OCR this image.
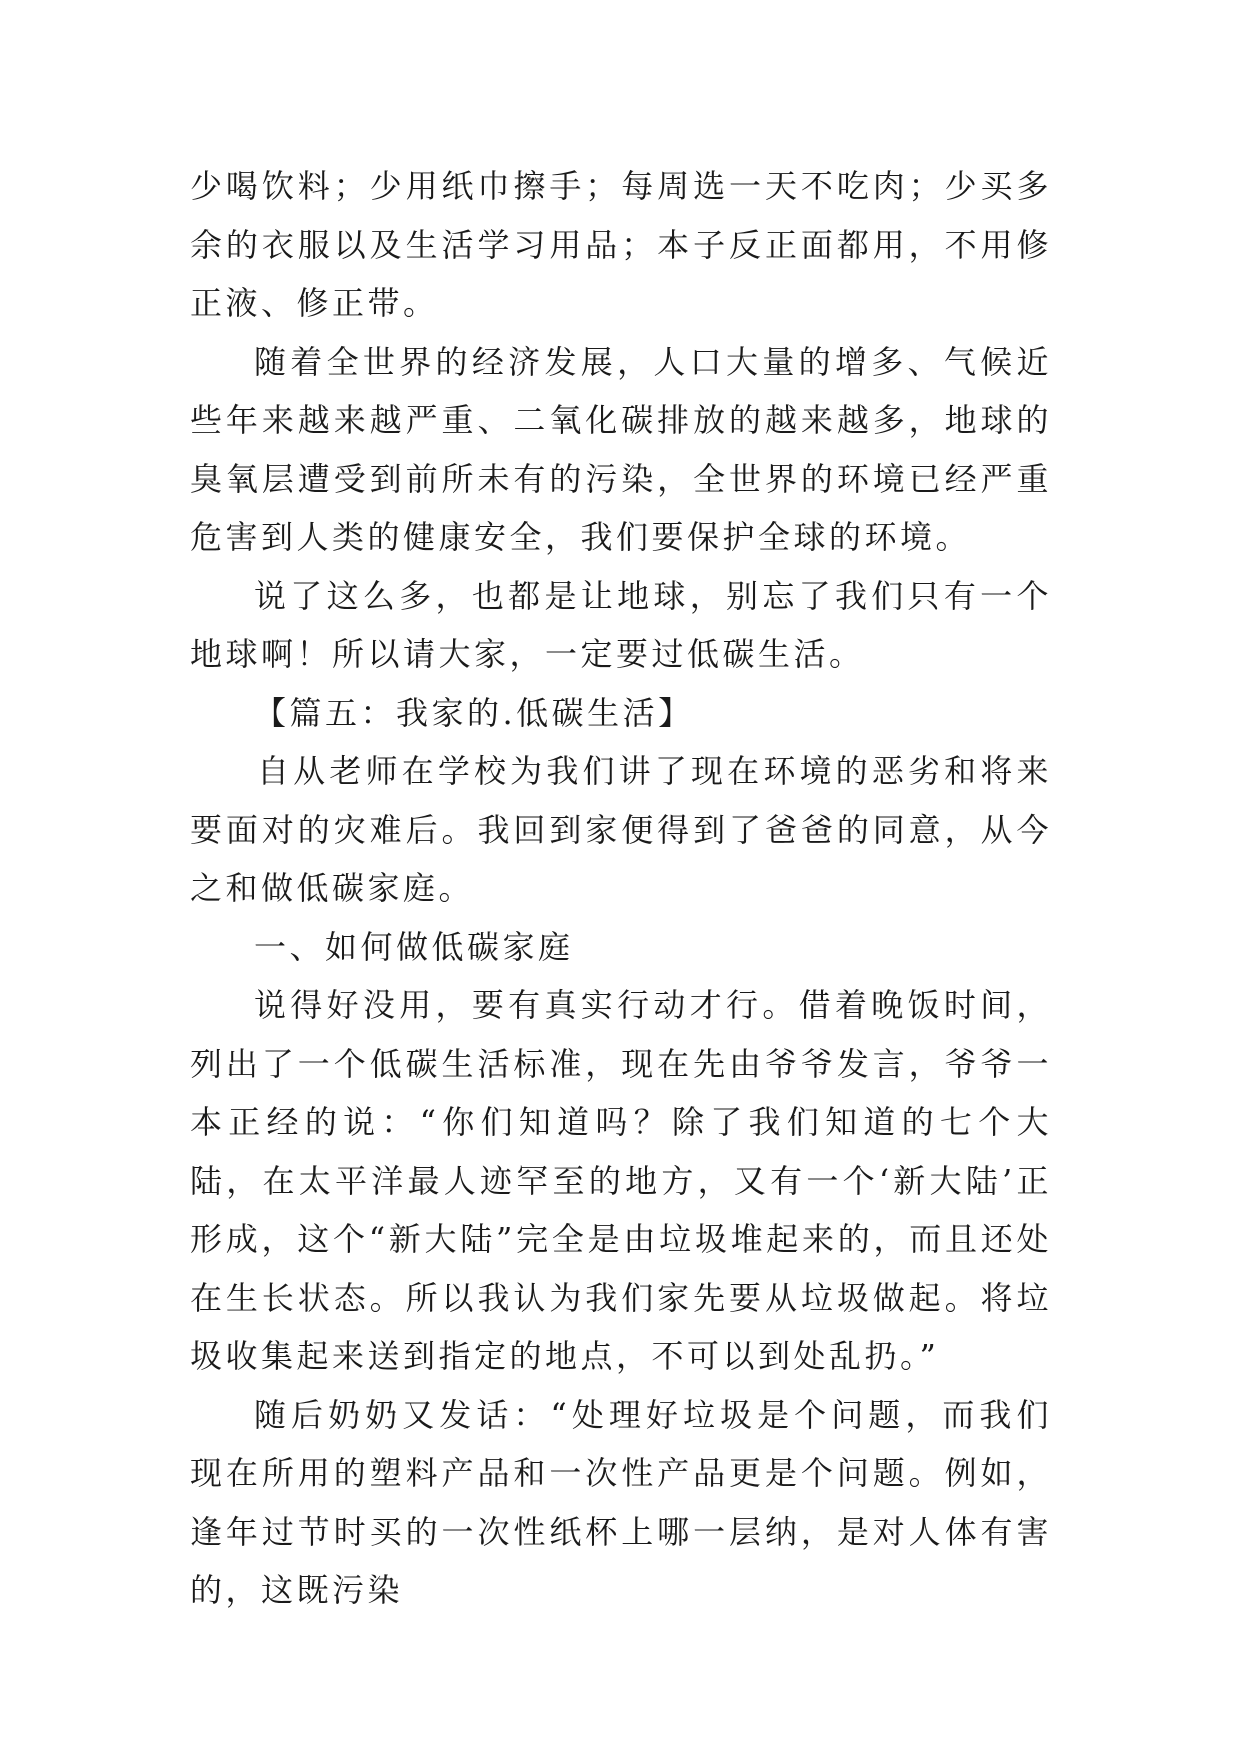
少喝饮料；少用纸巾擦手；每周选一天不吃肉；少买多余的衣服以及生活学习用品；本子反正面都用，不用修正液、修正带。

随着全世界的经济发展，人口大量的增多、气候近些年来越来越严重、二氧化碳排放的越来越多，地球的臭氧层遭受到前所未有的污染，全世界的环境已经严重危害到人类的健康安全，我们要保护全球的环境。

说了这么多，也都是让地球，别忘了我们只有一个地球啊！所以请大家，一定要过低碳生活。

【篇五：我家的.低碳生活】

自从老师在学校为我们讲了现在环境的恶劣和将来要面对的灾难后。我回到家便得到了爸爸的同意，从今之和做低碳家庭。

一、如何做低碳家庭

说得好没用，要有真实行动才行。借着晚饭时间，列出了一个低碳生活标准，现在先由爷爷发言，爷爷一本正经的说：“你们知道吗？除了我们知道的七个大陆，在太平洋最人迹罕至的地方，又有一个‘新大陆’正形成，这个“新大陆”完全是由垃圾堆起来的，而且还处在生长状态。所以我认为我们家先要从垃圾做起。将垃圾收集起来送到指定的地点，不可以到处乱扔。”

随后奶奶又发话：“处理好垃圾是个问题，而我们现在所用的塑料产品和一次性产品更是个问题。例如，逢年过节时买的一次性纸杯上哪一层纳，是对人体有害的，这既污染
